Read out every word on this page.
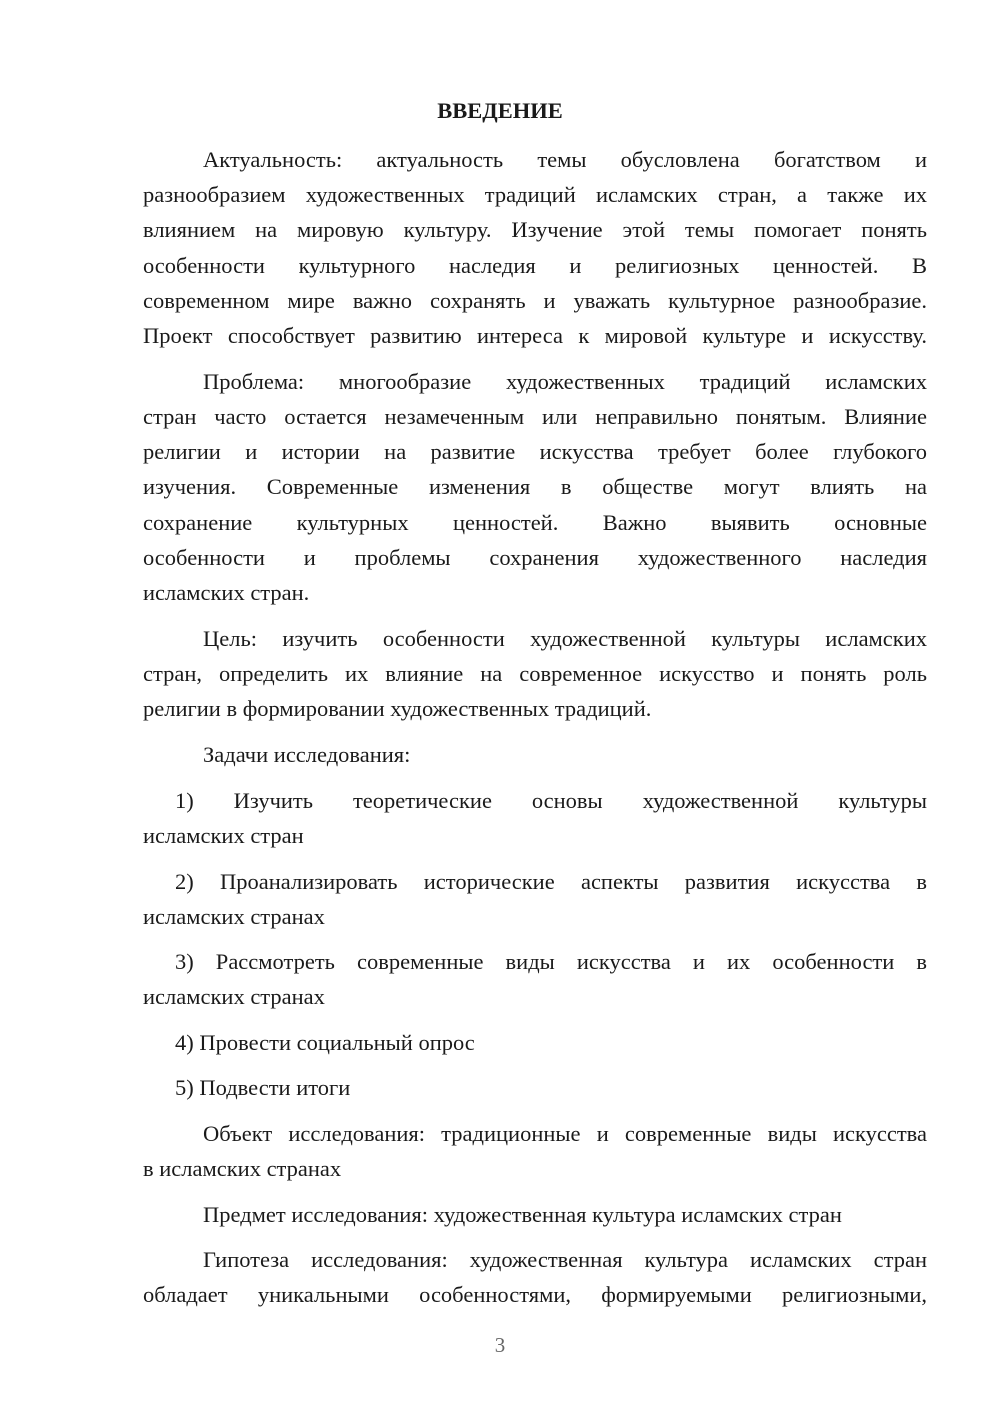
ВВЕДЕНИЕ
Актуальность: актуальность темы обусловлена богатством и
разнообразием художественных традиций исламских стран, а также их
влиянием на мировую культуру. Изучение этой темы помогает понять
особенности культурного наследия и религиозных ценностей. В
современном мире важно сохранять и уважать культурное разнообразие.
Проект способствует развитию интереса к мировой культуре и искусству.
Проблема: многообразие художественных традиций исламских
стран часто остается незамеченным или неправильно понятым. Влияние
религии и истории на развитие искусства требует более глубокого
изучения. Современные изменения в обществе могут влиять на
сохранение культурных ценностей. Важно выявить основные
особенности и проблемы сохранения художественного наследия
исламских стран.
Цель: изучить особенности художественной культуры исламских
стран, определить их влияние на современное искусство и понять роль
религии в формировании художественных традиций.
Задачи исследования:
1) Изучить теоретические основы художественной культуры
исламских стран
2) Проанализировать исторические аспекты развития искусства в
исламских странах
3) Рассмотреть современные виды искусства и их особенности в
исламских странах
4) Провести социальный опрос
5) Подвести итоги
Объект исследования: традиционные и современные виды искусства
в исламских странах
Предмет исследования: художественная культура исламских стран
Гипотеза исследования: художественная культура исламских стран
обладает уникальными особенностями, формируемыми религиозными,
3
